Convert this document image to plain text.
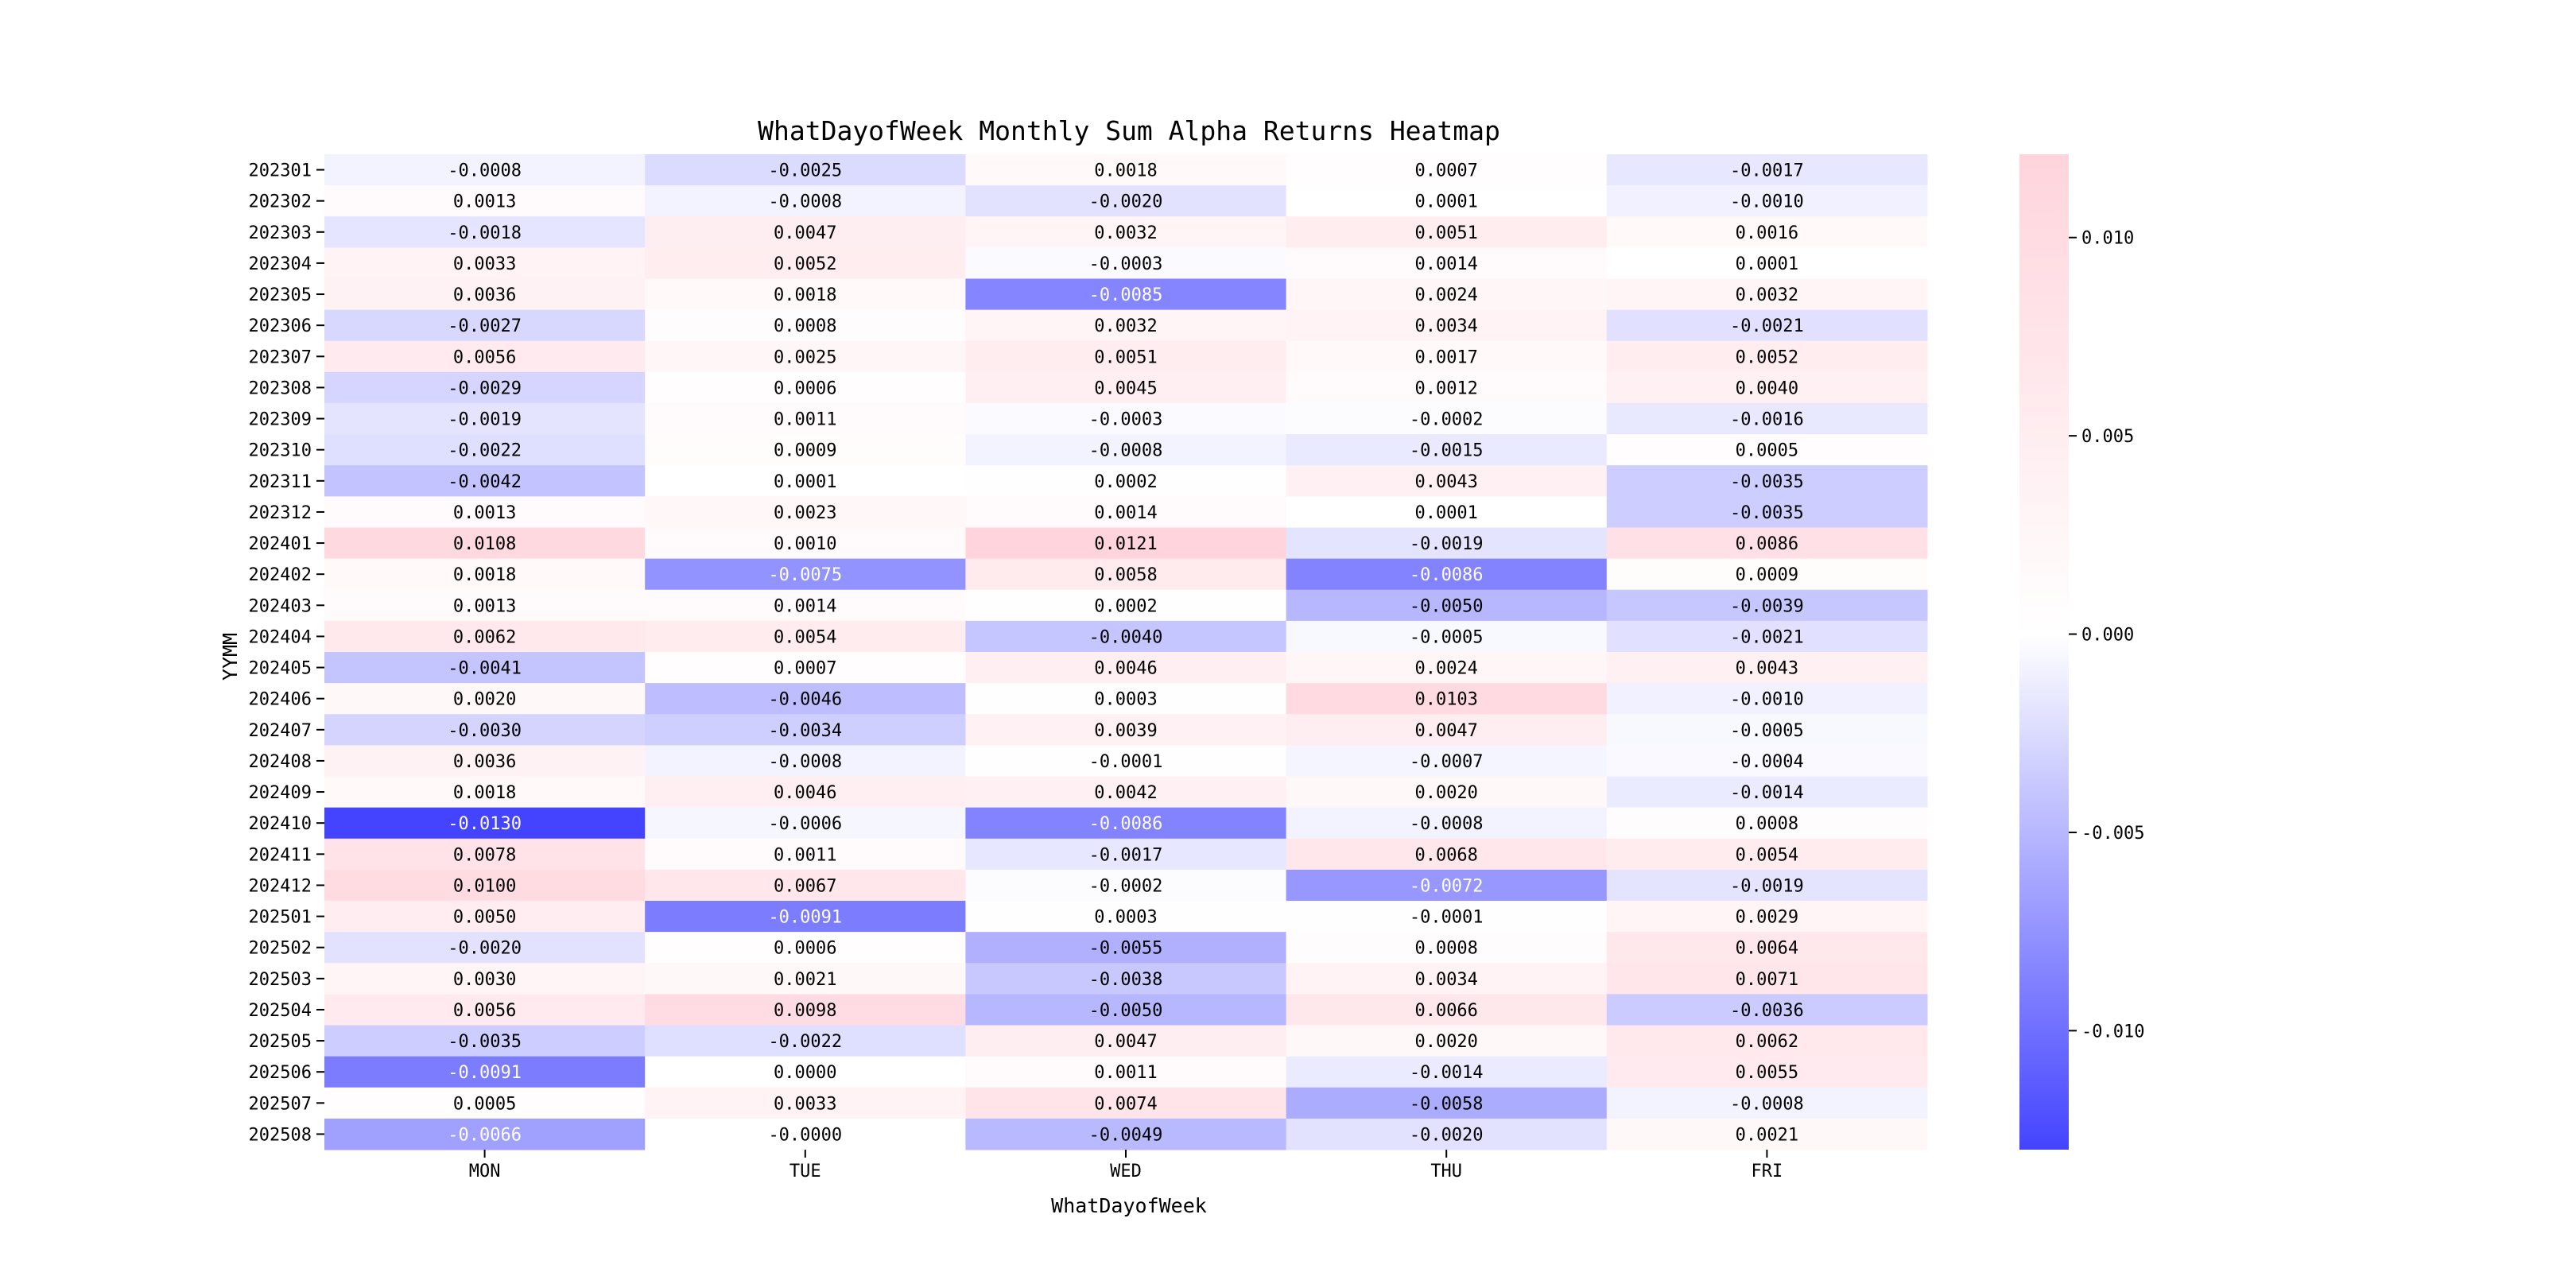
WhatDayofWeek Monthly Sum Alpha Returns Heatmap
-0.0008	-0.0025	0.0018	0.0007	-0.0017
0.0013	-0.0008	-0.0020	0.0001	-0.0010
-0.0018	0.0047	0.0032	0.0051	0.0016
0.0033	0.0052	-0.0003	0.0014	0.0001
0.0036	0.0018	-0.0085	0.0024	0.0032
-0.0027	0.0008	0.0032	0.0034	-0.0021
0.0056	0.0025	0.0051	0.0017	0.0052
-0.0029	0.0006	0.0045	0.0012	0.0040
-0.0019	0.0011	-0.0003	-0.0002	-0.0016
-0.0022	0.0009	-0.0008	-0.0015	0.0005
-0.0042	0.0001	0.0002	0.0043	-0.0035
0.0013	0.0023	0.0014	0.0001	-0.0035
0.0108	0.0010	0.0121	-0.0019	0.0086
0.0018	-0.0075	0.0058	-0.0086	0.0009
0.0013	0.0014	0.0002	-0.0050	-0.0039
0.0062	0.0054	-0.0040	-0.0005	-0.0021
-0.0041	0.0007	0.0046	0.0024	0.0043
0.0020	-0.0046	0.0003	0.0103	-0.0010
-0.0030	-0.0034	0.0039	0.0047	-0.0005
0.0036	-0.0008	-0.0001	-0.0007	-0.0004
0.0018	0.0046	0.0042	0.0020	-0.0014
-0.0130	-0.0006	-0.0086	-0.0008	0.0008
0.0078	0.0011	-0.0017	0.0068	0.0054
0.0100	0.0067	-0.0002	-0.0072	-0.0019
0.0050	-0.0091	0.0003	-0.0001	0.0029
-0.0020	0.0006	-0.0055	0.0008	0.0064
0.0030	0.0021	-0.0038	0.0034	0.0071
0.0056	0.0098	-0.0050	0.0066	-0.0036
-0.0035	-0.0022	0.0047	0.0020	0.0062
-0.0091	0.0000	0.0011	-0.0014	0.0055
0.0005	0.0033	0.0074	-0.0058	-0.0008
-0.0066	-0.0000	-0.0049	-0.0020	0.0021
202301
202302
202303
202304
202305
202306
202307
202308
202309
202310
202311
202312
202401
202402
202403
202404
202405
202406
202407
202408
202409
202410
202411
202412
202501
202502
202503
202504
202505
202506
202507
202508
MON	TUE	WED	THU	FRI
WhatDayofWeek
YYMM
0.010
0.005
0.000
-0.005
-0.010
